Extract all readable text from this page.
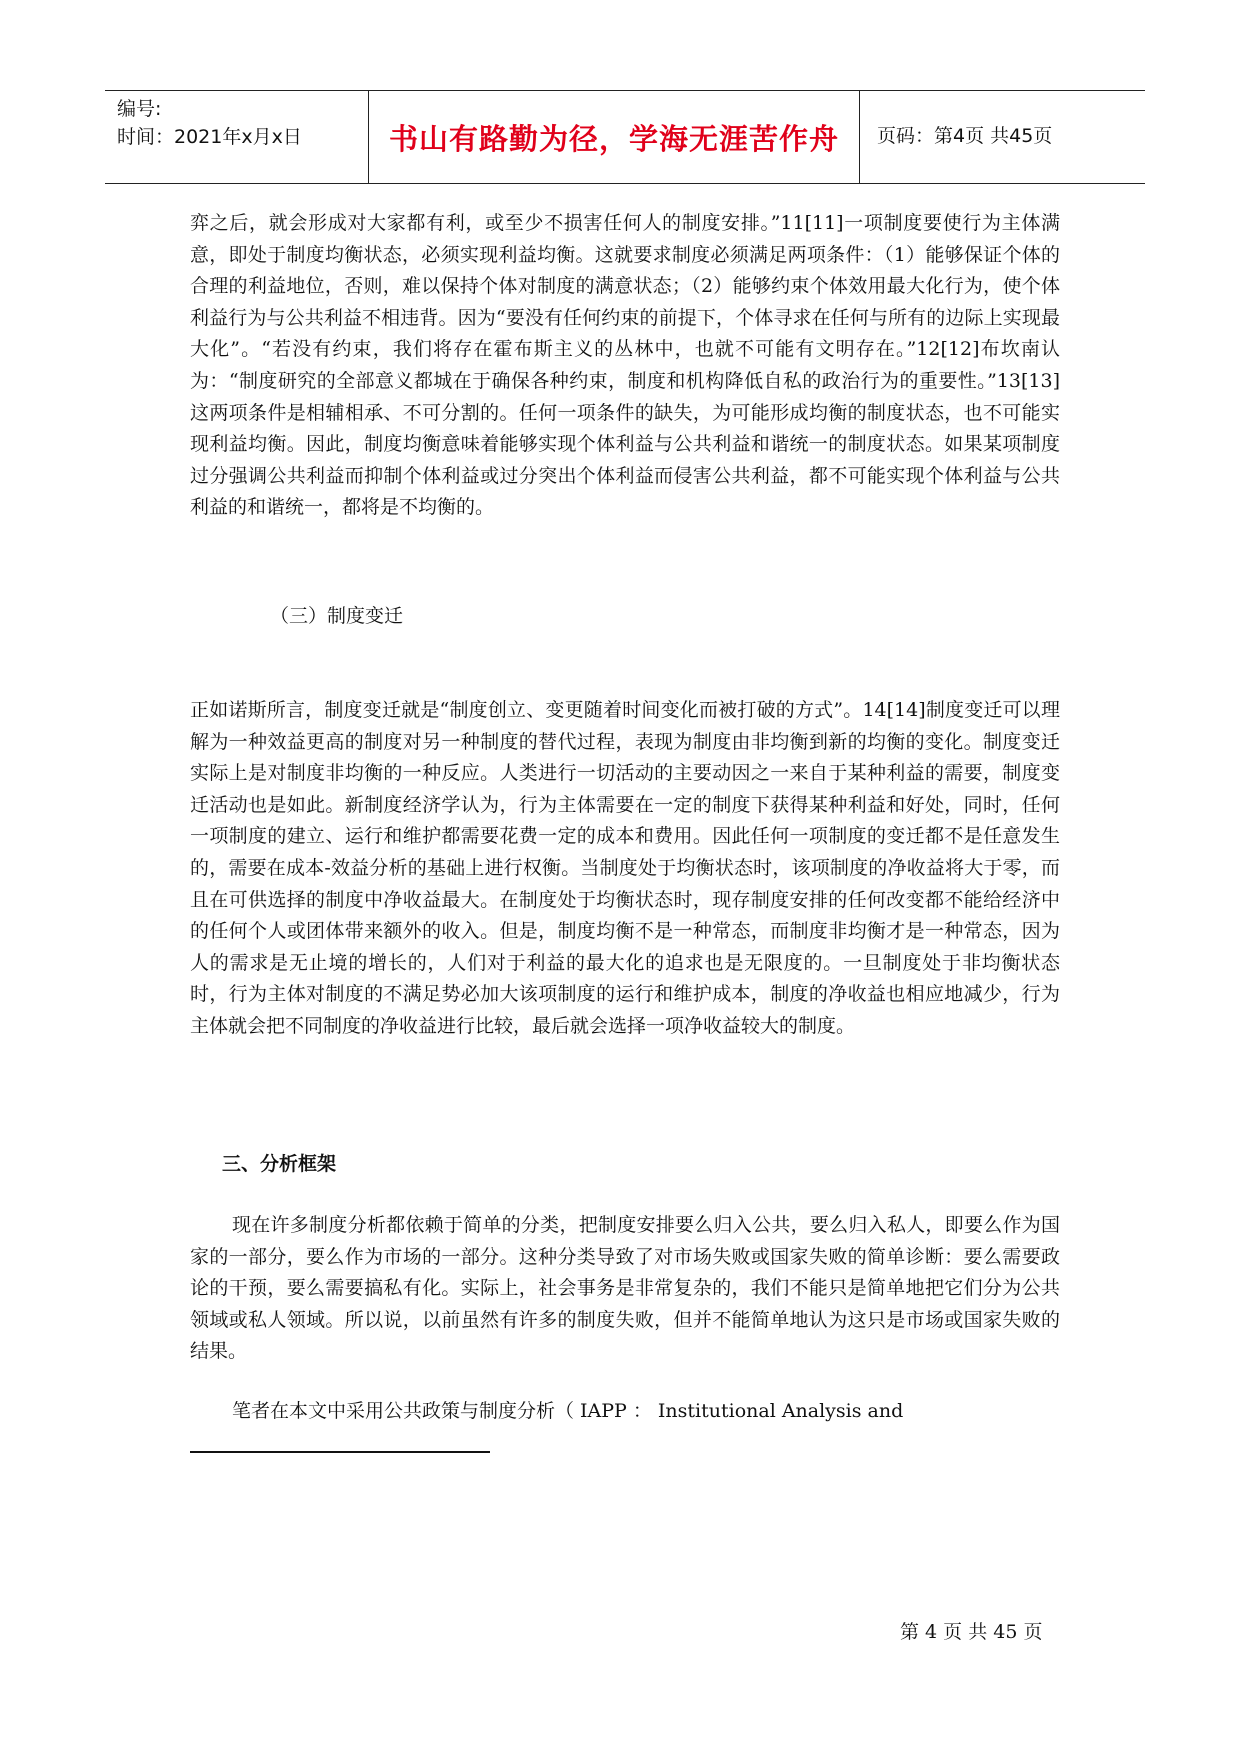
编号:
时间：2021年x月x日	书山有路勤为径，学海无涯苦作舟	页码：第4页 共45页
弈之后，就会形成对大家都有利，或至少不损害任何人的制度安排。”11[11]一项制度要使行为主体满意，即处于制度均衡状态，必须实现利益均衡。这就要求制度必须满足两项条件：（1）能够保证个体的合理的利益地位，否则，难以保持个体对制度的满意状态；（2）能够约束个体效用最大化行为，使个体利益行为与公共利益不相违背。因为“要没有任何约束的前提下，个体寻求在任何与所有的边际上实现最大化”。“若没有约束，我们将存在霍布斯主义的丛林中，也就不可能有文明存在。”12[12]布坎南认为：“制度研究的全部意义都城在于确保各种约束，制度和机构降低自私的政治行为的重要性。”13[13]这两项条件是相辅相承、不可分割的。任何一项条件的缺失，为可能形成均衡的制度状态，也不可能实现利益均衡。因此，制度均衡意味着能够实现个体利益与公共利益和谐统一的制度状态。如果某项制度过分强调公共利益而抑制个体利益或过分突出个体利益而侵害公共利益，都不可能实现个体利益与公共利益的和谐统一，都将是不均衡的。
（三）制度变迁
正如诺斯所言，制度变迁就是“制度创立、变更随着时间变化而被打破的方式”。14[14]制度变迁可以理解为一种效益更高的制度对另一种制度的替代过程，表现为制度由非均衡到新的均衡的变化。制度变迁实际上是对制度非均衡的一种反应。人类进行一切活动的主要动因之一来自于某种利益的需要，制度变迁活动也是如此。新制度经济学认为，行为主体需要在一定的制度下获得某种利益和好处，同时，任何一项制度的建立、运行和维护都需要花费一定的成本和费用。因此任何一项制度的变迁都不是任意发生的，需要在成本-效益分析的基础上进行权衡。当制度处于均衡状态时，该项制度的净收益将大于零，而且在可供选择的制度中净收益最大。在制度处于均衡状态时，现存制度安排的任何改变都不能给经济中的任何个人或团体带来额外的收入。但是，制度均衡不是一种常态，而制度非均衡才是一种常态，因为人的需求是无止境的增长的，人们对于利益的最大化的追求也是无限度的。一旦制度处于非均衡状态时，行为主体对制度的不满足势必加大该项制度的运行和维护成本，制度的净收益也相应地减少，行为主体就会把不同制度的净收益进行比较，最后就会选择一项净收益较大的制度。
三、分析框架
现在许多制度分析都依赖于简单的分类，把制度安排要么归入公共，要么归入私人，即要么作为国家的一部分，要么作为市场的一部分。这种分类导致了对市场失败或国家失败的简单诊断：要么需要政论的干预，要么需要搞私有化。实际上，社会事务是非常复杂的，我们不能只是简单地把它们分为公共领域或私人领域。所以说，以前虽然有许多的制度失败，但并不能简单地认为这只是市场或国家失败的结果。
笔者在本文中采用公共政策与制度分析（ IAPP ： Institutional Analysis and
第 4 页 共 45 页
